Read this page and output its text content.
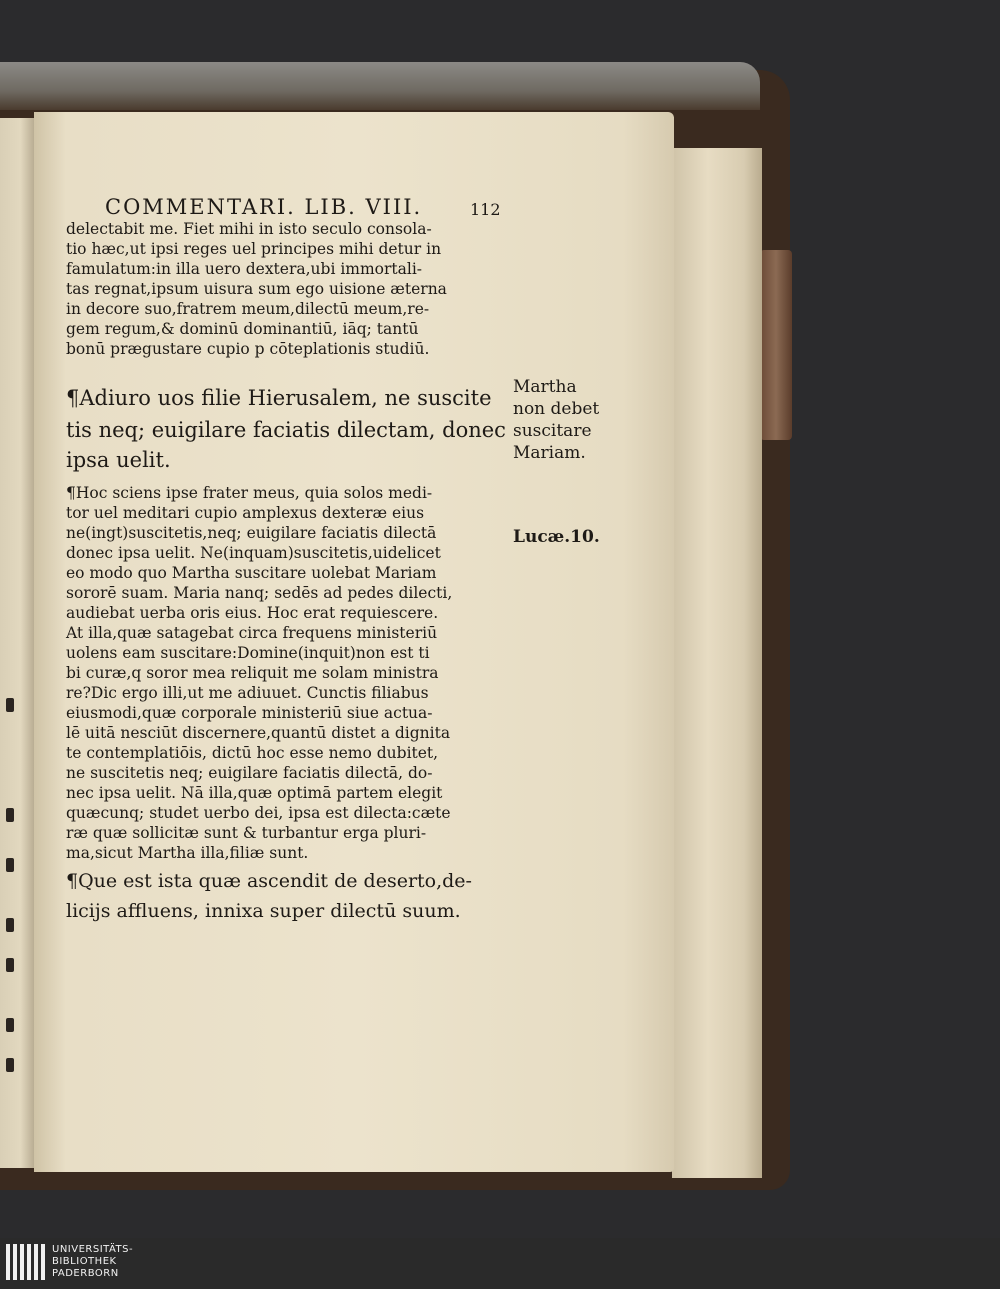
COMMENTARI. LIB. VIII.	112
delectabit me. Fiet mihi in isto seculo consola-
tio hæc,ut ipsi reges uel principes mihi detur in
famulatum:in illa uero dextera,ubi immortali-
tas regnat,ipsum uisura sum ego uisione æterna
in decore suo,fratrem meum,dilectū meum,re-
gem regum,& dominū dominantiū, iāq; tantū
bonū prægustare cupio p cōteplationis studiū.
¶Adiuro uos filie Hierusalem, ne suscite
tis neq; euigilare faciatis dilectam, donec
ipsa uelit.
¶Hoc sciens ipse frater meus, quia solos medi-
tor uel meditari cupio amplexus dexteræ eius
ne(ingt)suscitetis,neq; euigilare faciatis dilectā
donec ipsa uelit. Ne(inquam)suscitetis,uidelicet
eo modo quo Martha suscitare uolebat Mariam
sororē suam. Maria nanq; sedēs ad pedes dilecti,
audiebat uerba oris eius. Hoc erat requiescere.
At illa,quæ satagebat circa frequens ministeriū
uolens eam suscitare:Domine(inquit)non est ti
bi curæ,q soror mea reliquit me solam ministra
re?Dic ergo illi,ut me adiuuet. Cunctis filiabus
eiusmodi,quæ corporale ministeriū siue actua-
lē uitā nesciūt discernere,quantū distet a dignita
te contemplatiōis, dictū hoc esse nemo dubitet,
ne suscitetis neq; euigilare faciatis dilectā, do-
nec ipsa uelit. Nā illa,quæ optimā partem elegit
quæcunq; studet uerbo dei, ipsa est dilecta:cæte
ræ quæ sollicitæ sunt & turbantur erga pluri-
ma,sicut Martha illa,filiæ sunt.
¶Que est ista quæ ascendit de deserto,de-
licijs affluens, innixa super dilectū suum.
Martha
non debet
suscitare
Mariam.
Lucæ.10.
UNIVERSITÄTS-
BIBLIOTHEK
PADERBORN
